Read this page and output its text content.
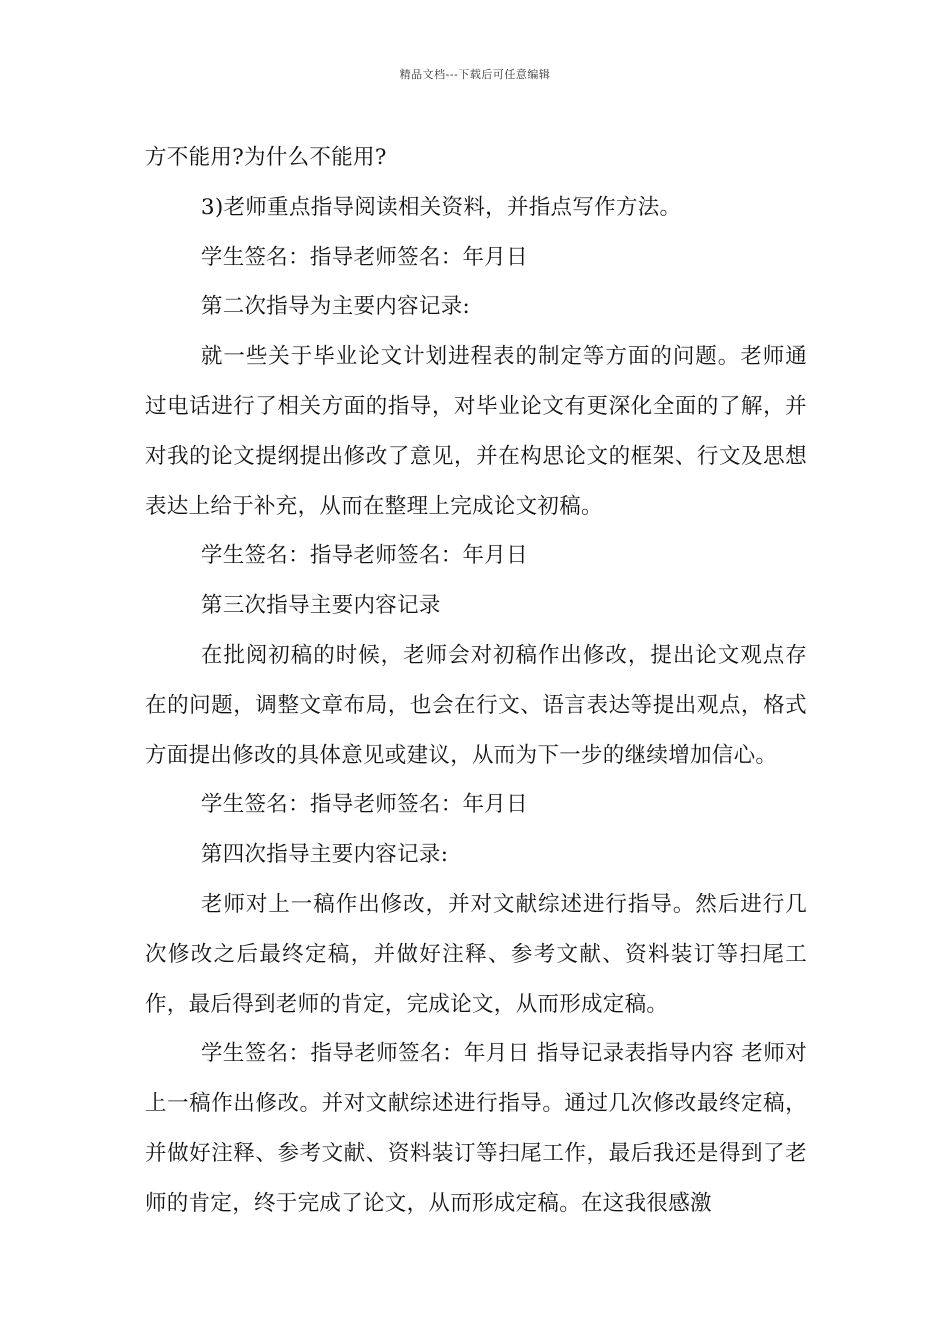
精品文档---下载后可任意编辑

方不能用?为什么不能用?

3)老师重点指导阅读相关资料，并指点写作方法。

学生签名：指导老师签名：年月日

第二次指导为主要内容记录:

就一些关于毕业论文计划进程表的制定等方面的问题。老师通过电话进行了相关方面的指导，对毕业论文有更深化全面的了解，并对我的论文提纲提出修改了意见，并在构思论文的框架、行文及思想表达上给于补充，从而在整理上完成论文初稿。

学生签名：指导老师签名：年月日

第三次指导主要内容记录

在批阅初稿的时候，老师会对初稿作出修改，提出论文观点存在的问题，调整文章布局，也会在行文、语言表达等提出观点，格式方面提出修改的具体意见或建议，从而为下一步的继续增加信心。

学生签名：指导老师签名：年月日

第四次指导主要内容记录:

老师对上一稿作出修改，并对文献综述进行指导。然后进行几次修改之后最终定稿，并做好注释、参考文献、资料装订等扫尾工作，最后得到老师的肯定，完成论文，从而形成定稿。

学生签名：指导老师签名：年月日 指导记录表指导内容 老师对上一稿作出修改。并对文献综述进行指导。通过几次修改最终定稿，并做好注释、参考文献、资料装订等扫尾工作，最后我还是得到了老师的肯定，终于完成了论文，从而形成定稿。在这我很感激
